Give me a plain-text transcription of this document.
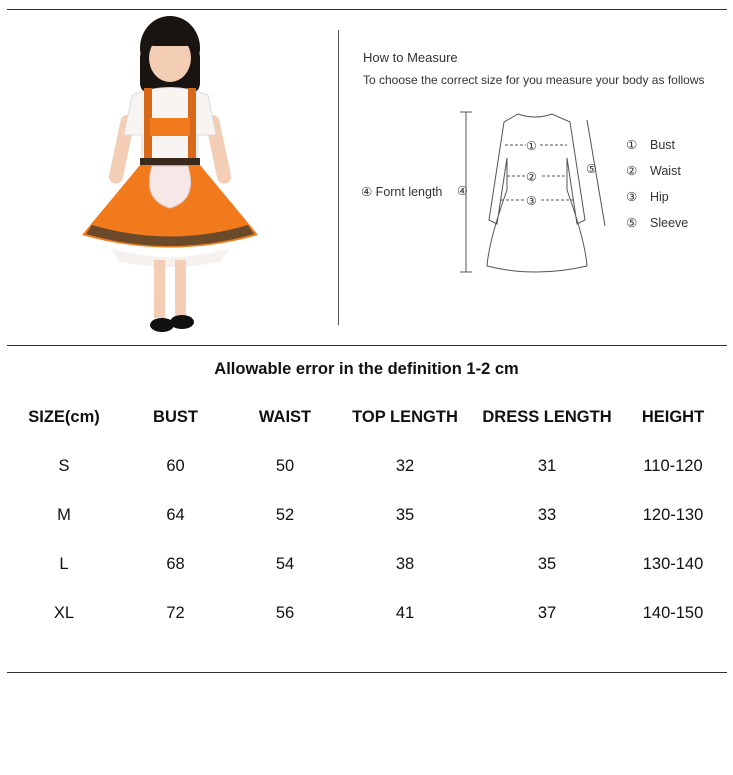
How to Measure
To choose the correct size for you measure your body as follows
①
②
③
④
⑤
④ Fornt length
① Bust
② Waist
③ Hip
⑤ Sleeve
Allowable error in the definition 1-2 cm
SIZE(cm)	BUST	WAIST	TOP LENGTH	DRESS LENGTH	HEIGHT
S	60	50	32	31	110-120
M	64	52	35	33	120-130
L	68	54	38	35	130-140
XL	72	56	41	37	140-150
